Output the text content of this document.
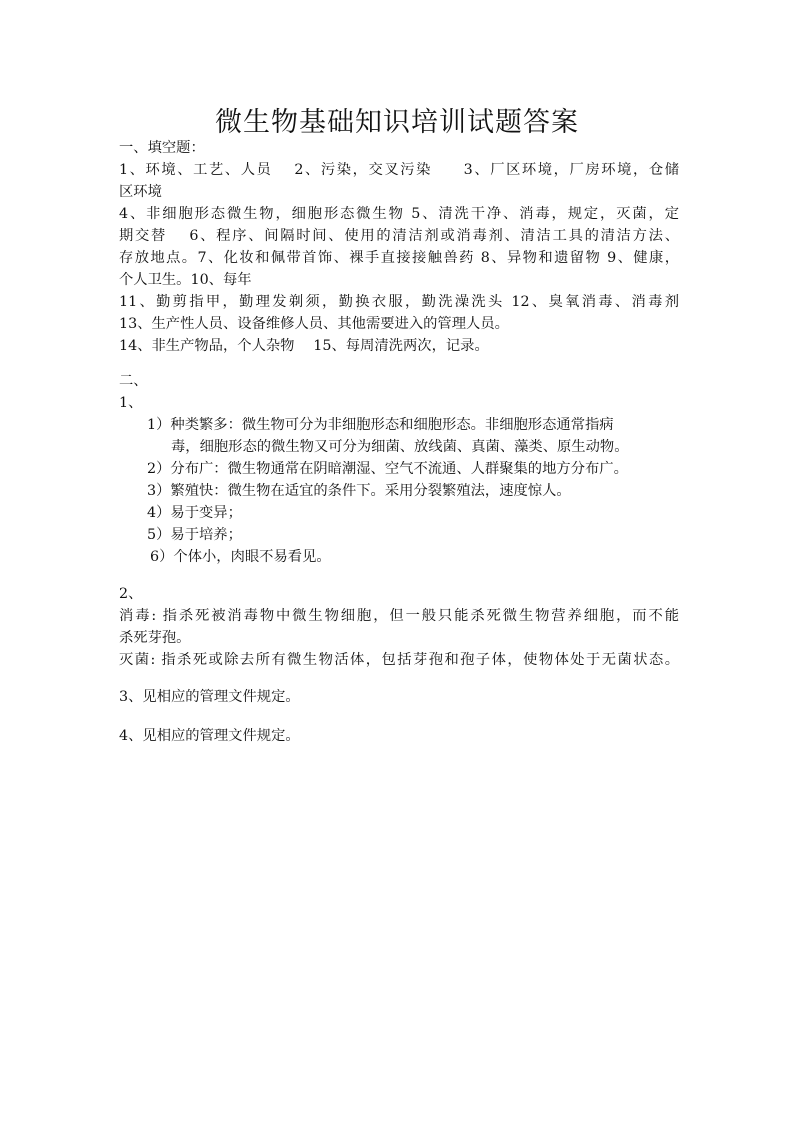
微生物基础知识培训试题答案
一、填空题：
1、环境、工艺、人员　 2、污染，交叉污染　　3、厂区环境，厂房环境，仓储
区环境
4、非细胞形态微生物，细胞形态微生物 5、清洗干净、消毒，规定，灭菌，定
期交替　 6、程序、间隔时间、使用的清洁剂或消毒剂、清洁工具的清洁方法、
存放地点。7、化妆和佩带首饰、裸手直接接触兽药 8、异物和遗留物 9、健康，
个人卫生。10、每年
11、勤剪指甲，勤理发剃须，勤换衣服，勤洗澡洗头 12、臭氧消毒、消毒剂
13、生产性人员、设备维修人员、其他需要进入的管理人员。
14、非生产物品，个人杂物　 15、每周清洗两次，记录。
二、
1、
1）种类繁多：微生物可分为非细胞形态和细胞形态。非细胞形态通常指病
毒，细胞形态的微生物又可分为细菌、放线菌、真菌、藻类、原生动物。
2）分布广：微生物通常在阴暗潮湿、空气不流通、人群聚集的地方分布广。
3）繁殖快：微生物在适宜的条件下。采用分裂繁殖法，速度惊人。
4）易于变异；
5）易于培养；
6）个体小，肉眼不易看见。
2、
消毒: 指杀死被消毒物中微生物细胞，但一般只能杀死微生物营养细胞，而不能
杀死芽孢。
灭菌: 指杀死或除去所有微生物活体，包括芽孢和孢子体，使物体处于无菌状态。
3、见相应的管理文件规定。
4、见相应的管理文件规定。
